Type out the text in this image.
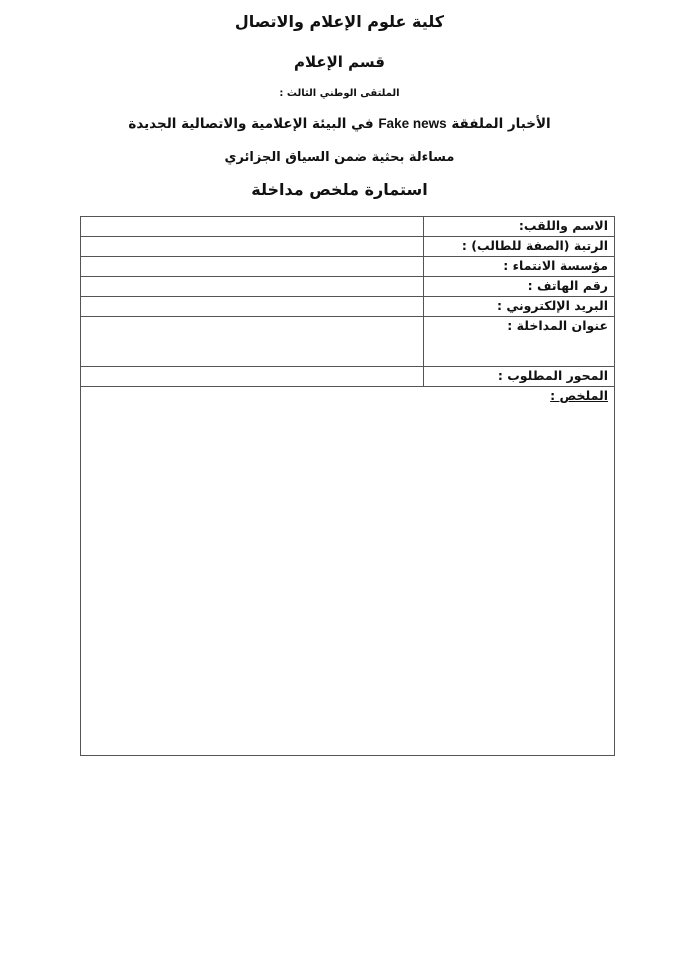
كلية علوم الإعلام والاتصال
قسم الإعلام
الملتقى الوطني الثالث :
الأخبار الملفقة Fake news في البيئة الإعلامية والاتصالية الجديدة
مساءلة بحثية ضمن السياق الجزائري
استمارة ملخص مداخلة
	الاسم واللقب:
	الرتبة (الصفة للطالب) :
	مؤسسة الانتماء :
	رقم الهاتف :
	البريد الإلكتروني :
	عنوان المداخلة :
	المحور المطلوب :
الملخص :	
